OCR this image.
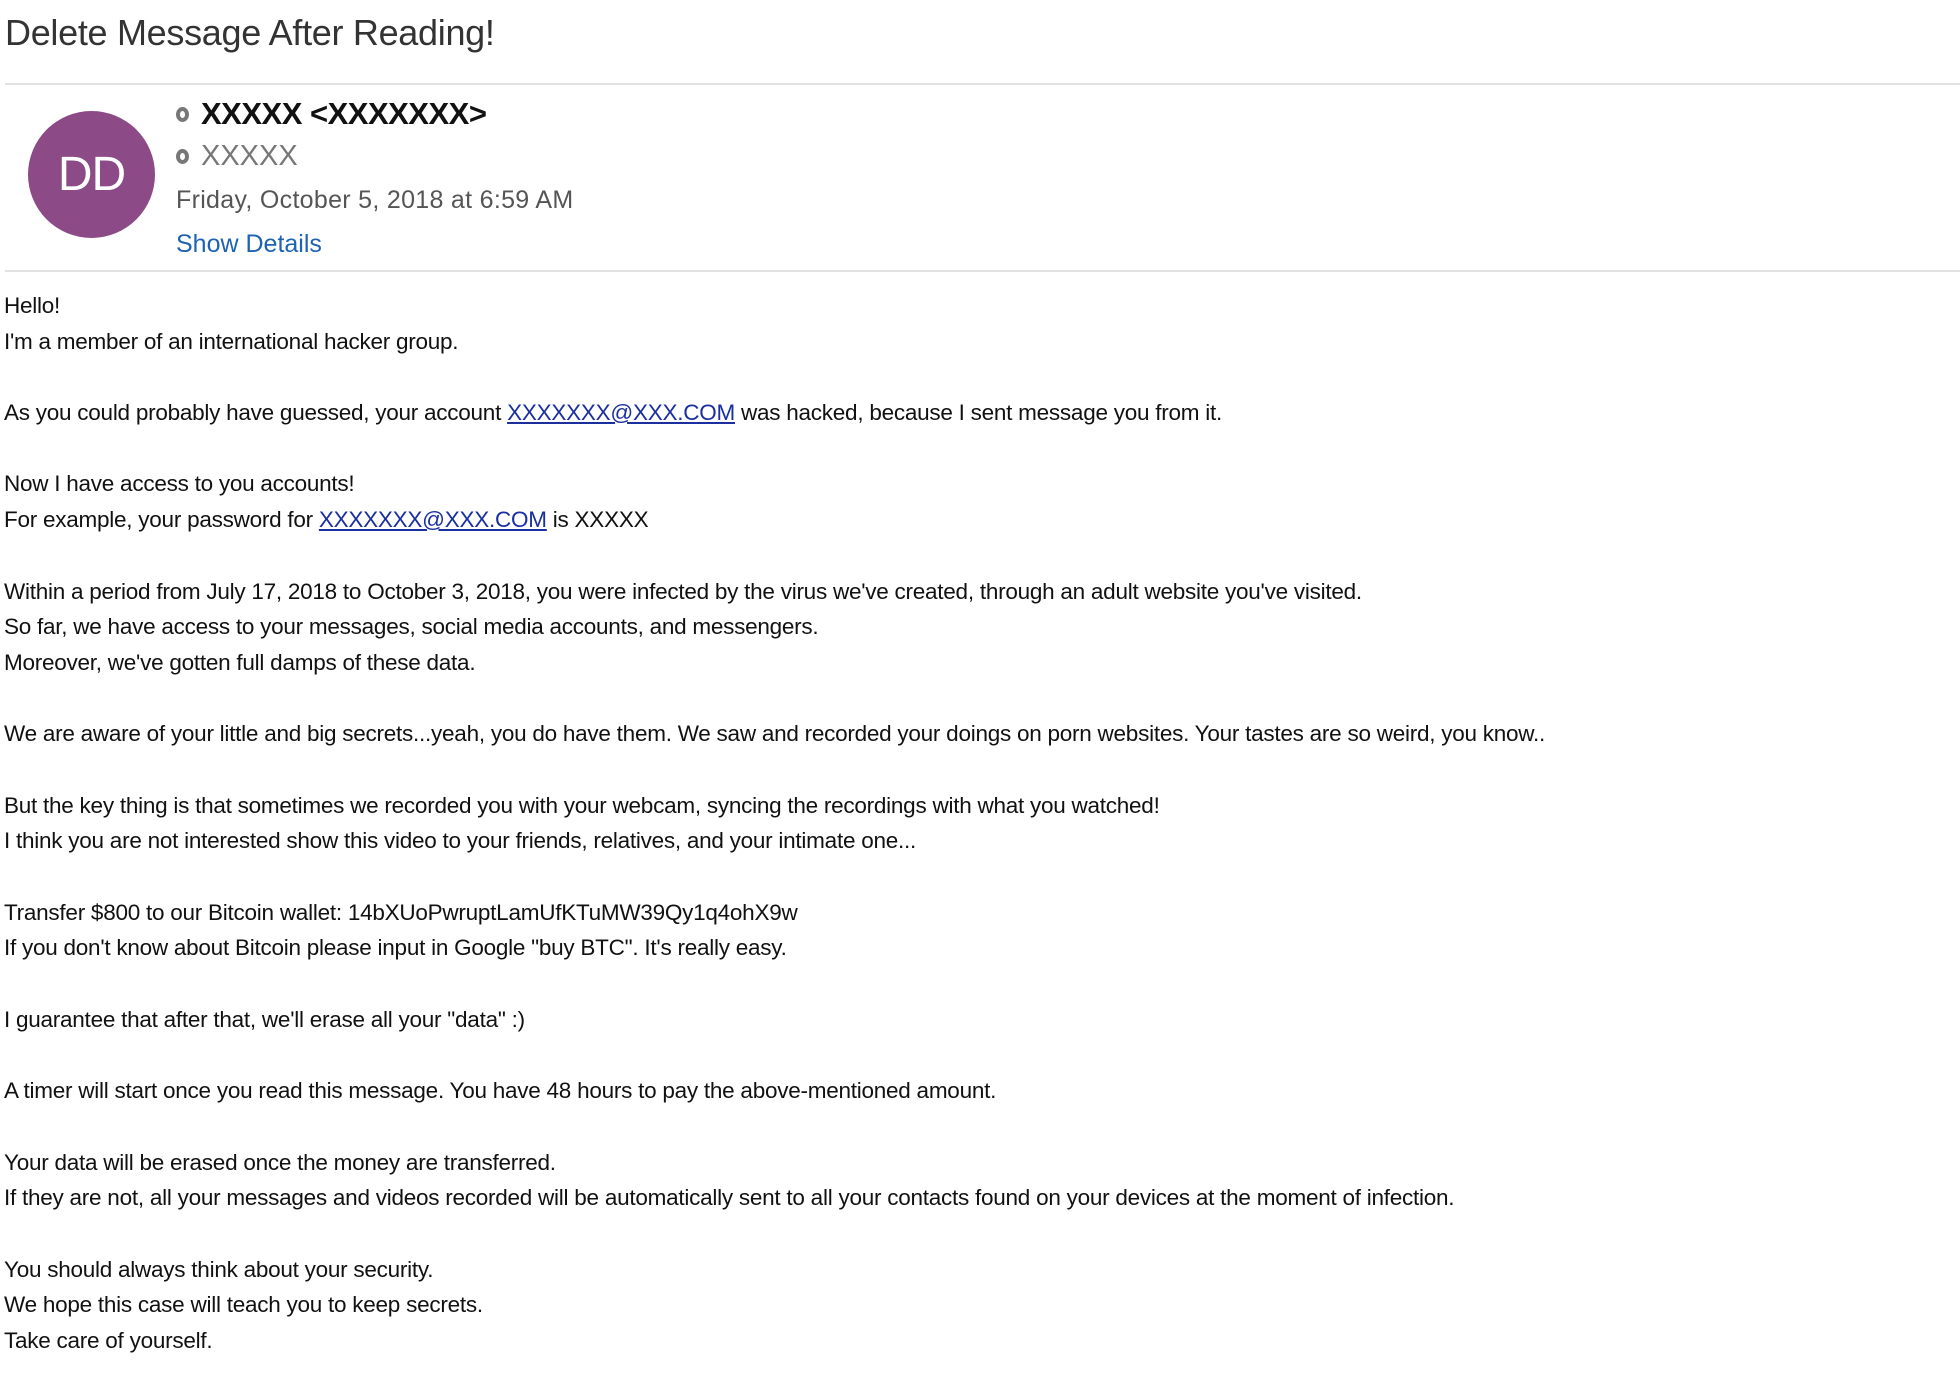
Delete Message After Reading!
DD
XXXXX <XXXXXXX>
XXXXX
Friday, October 5, 2018 at 6:59 AM
Show Details
Hello!
I'm a member of an international hacker group.
As you could probably have guessed, your account XXXXXXX@XXX.COM was hacked, because I sent message you from it.
Now I have access to you accounts!
For example, your password for XXXXXXX@XXX.COM is XXXXX
Within a period from July 17, 2018 to October 3, 2018, you were infected by the virus we've created, through an adult website you've visited.
So far, we have access to your messages, social media accounts, and messengers.
Moreover, we've gotten full damps of these data.
We are aware of your little and big secrets...yeah, you do have them. We saw and recorded your doings on porn websites. Your tastes are so weird, you know..
But the key thing is that sometimes we recorded you with your webcam, syncing the recordings with what you watched!
I think you are not interested show this video to your friends, relatives, and your intimate one...
Transfer $800 to our Bitcoin wallet: 14bXUoPwruptLamUfKTuMW39Qy1q4ohX9w
If you don't know about Bitcoin please input in Google "buy BTC". It's really easy.
I guarantee that after that, we'll erase all your "data" :)
A timer will start once you read this message. You have 48 hours to pay the above-mentioned amount.
Your data will be erased once the money are transferred.
If they are not, all your messages and videos recorded will be automatically sent to all your contacts found on your devices at the moment of infection.
You should always think about your security.
We hope this case will teach you to keep secrets.
Take care of yourself.
